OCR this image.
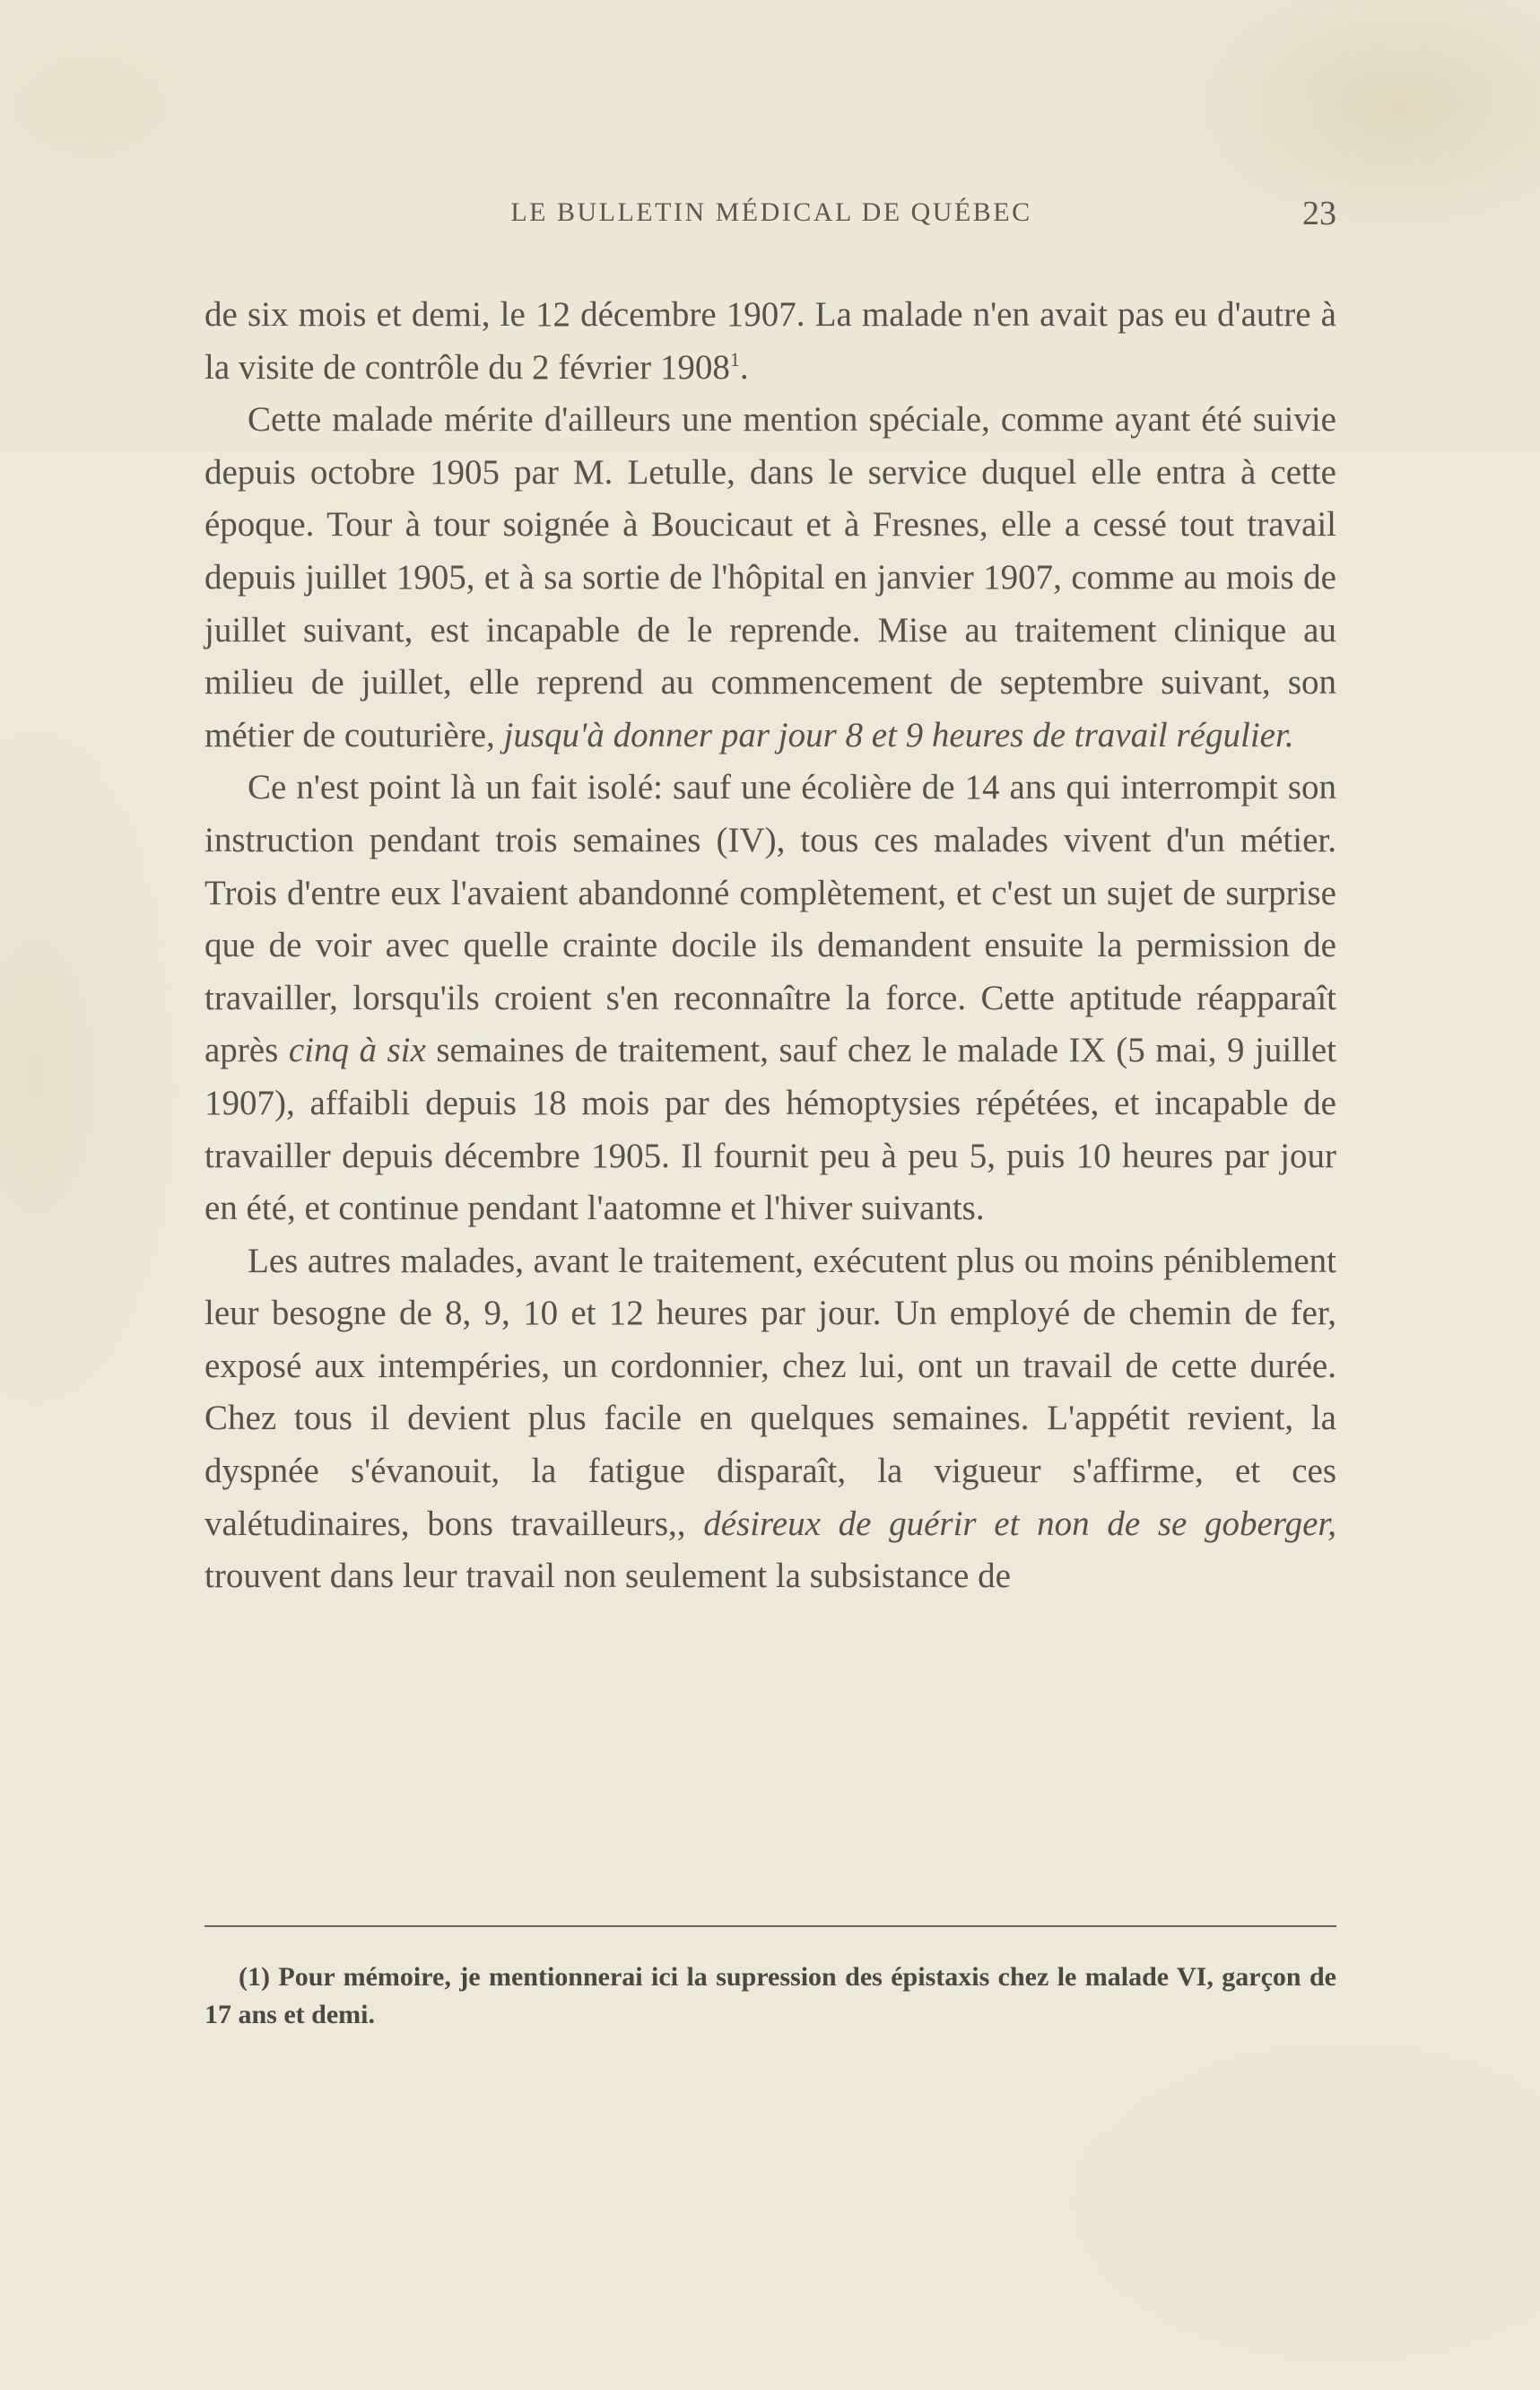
LE BULLETIN MÉDICAL DE QUÉBEC	23

de six mois et demi, le 12 décembre 1907. La malade n'en avait pas eu d'autre à la visite de contrôle du 2 février 1908$^1$.

Cette malade mérite d'ailleurs une mention spéciale, comme ayant été suivie depuis octobre 1905 par M. Letulle, dans le service duquel elle entra à cette époque. Tour à tour soignée à Boucicaut et à Fresnes, elle a cessé tout travail depuis juillet 1905, et à sa sortie de l'hôpital en janvier 1907, comme au mois de juillet suivant, est incapable de le reprende. Mise au traitement clinique au milieu de juillet, elle reprend au commencement de septembre suivant, son métier de couturière, jusqu'à donner par jour 8 et 9 heures de travail régulier.

Ce n'est point là un fait isolé: sauf une écolière de 14 ans qui interrompit son instruction pendant trois semaines (IV), tous ces malades vivent d'un métier. Trois d'entre eux l'avaient abandonné complètement, et c'est un sujet de surprise que de voir avec quelle crainte docile ils demandent ensuite la permission de travailler, lorsqu'ils croient s'en reconnaître la force. Cette aptitude réapparaît après cinq à six semaines de traitement, sauf chez le malade IX (5 mai, 9 juillet 1907), affaibli depuis 18 mois par des hémoptysies répétées, et incapable de travailler depuis décembre 1905. Il fournit peu à peu 5, puis 10 heures par jour en été, et continue pendant l'aatomne et l'hiver suivants.

Les autres malades, avant le traitement, exécutent plus ou moins péniblement leur besogne de 8, 9, 10 et 12 heures par jour. Un employé de chemin de fer, exposé aux intempéries, un cordonnier, chez lui, ont un travail de cette durée. Chez tous il devient plus facile en quelques semaines. L'appétit revient, la dyspnée s'évanouit, la fatigue disparaît, la vigueur s'affirme, et ces valétudinaires, bons travailleurs,, désireux de guérir et non de se goberger, trouvent dans leur travail non seulement la subsistance de

(1) Pour mémoire, je mentionnerai ici la supression des épistaxis chez le malade VI, garçon de 17 ans et demi.
